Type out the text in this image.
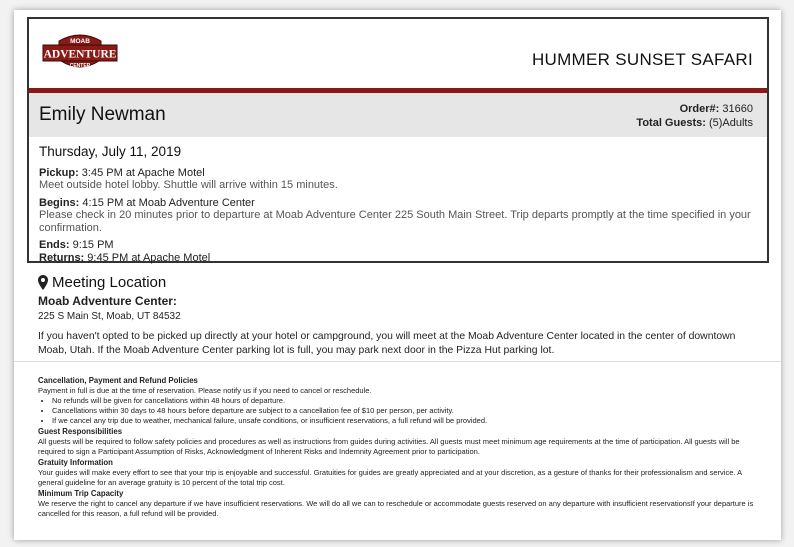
MOAB
ADVENTURE
CENTER	HUMMER SUNSET SAFARI
Emily Newman	Order#: 31660
Total Guests: (5)Adults
Thursday, July 11, 2019
Pickup: 3:45 PM at Apache Motel
Meet outside hotel lobby. Shuttle will arrive within 15 minutes.
Begins: 4:15 PM at Moab Adventure Center
Please check in 20 minutes prior to departure at Moab Adventure Center 225 South Main Street. Trip departs promptly at the time specified in your confirmation.
Ends: 9:15 PM
Returns: 9:45 PM at Apache Motel
Meeting Location
Moab Adventure Center:
225 S Main St, Moab, UT 84532
If you haven't opted to be picked up directly at your hotel or campground, you will meet at the Moab Adventure Center located in the center of downtown Moab, Utah. If the Moab Adventure Center parking lot is full, you may park next door in the Pizza Hut parking lot.
Cancellation, Payment and Refund Policies
Payment in full is due at the time of reservation. Please notify us if you need to cancel or reschedule.
• No refunds will be given for cancellations within 48 hours of departure.
• Cancellations within 30 days to 48 hours before departure are subject to a cancellation fee of $10 per person, per activity.
• If we cancel any trip due to weather, mechanical failure, unsafe conditions, or insufficient reservations, a full refund will be provided.
Guest Responsibilities
All guests will be required to follow safety policies and procedures as well as instructions from guides during activities. All guests must meet minimum age requirements at the time of participation. All guests will be required to sign a Participant Assumption of Risks, Acknowledgment of Inherent Risks and Indemnity Agreement prior to participation.
Gratuity Information
Your guides will make every effort to see that your trip is enjoyable and successful. Gratuities for guides are greatly appreciated and at your discretion, as a gesture of thanks for their professionalism and service. A general guideline for an average gratuity is 10 percent of the total trip cost.
Minimum Trip Capacity
We reserve the right to cancel any departure if we have insufficient reservations. We will do all we can to reschedule or accommodate guests reserved on any departure with insufficient reservationsIf your departure is cancelled for this reason, a full refund will be provided.
